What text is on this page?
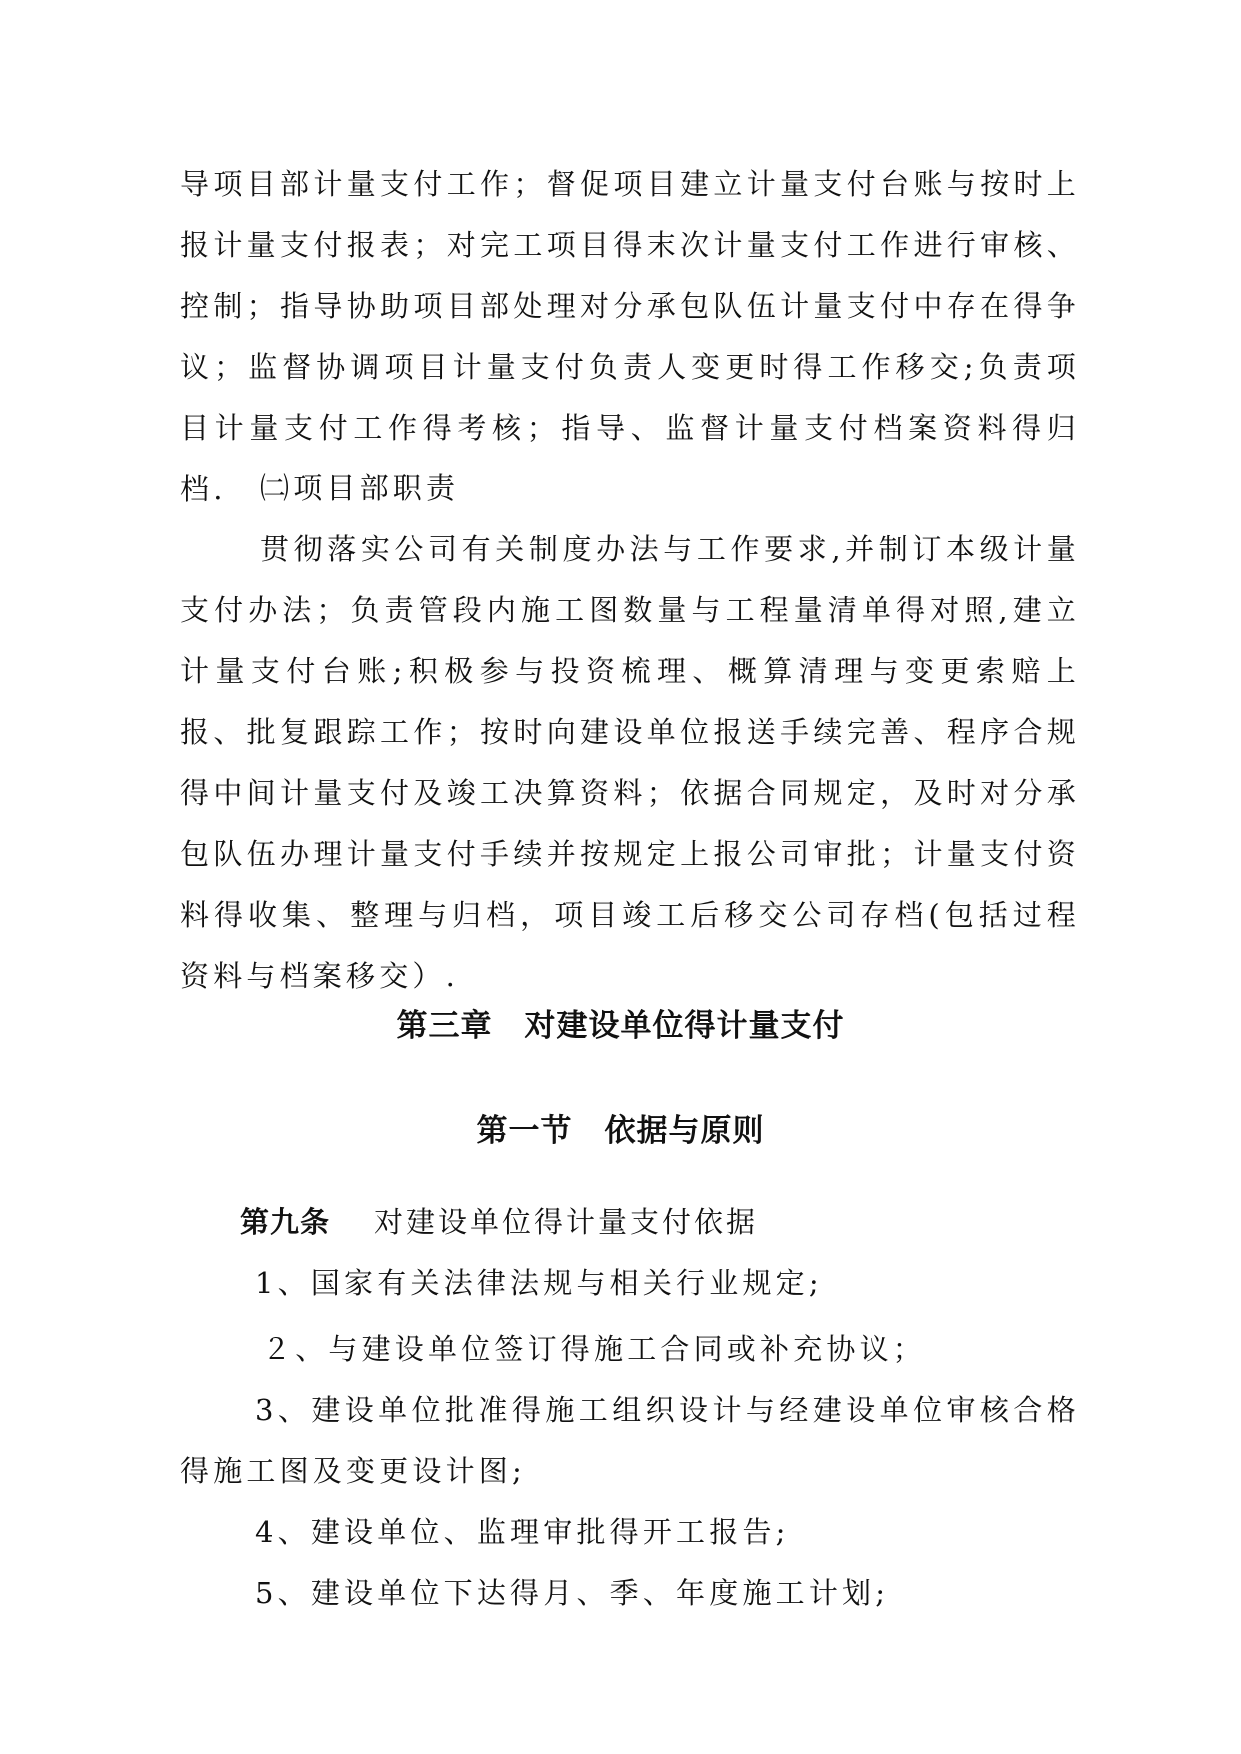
导项目部计量支付工作；督促项目建立计量支付台账与按时上报计量支付报表；对完工项目得末次计量支付工作进行审核、控制；指导协助项目部处理对分承包队伍计量支付中存在得争议；监督协调项目计量支付负责人变更时得工作移交;负责项目计量支付工作得考核；指导、监督计量支付档案资料得归档.	㈡项目部职责

贯彻落实公司有关制度办法与工作要求,并制订本级计量支付办法；负责管段内施工图数量与工程量清单得对照,建立计量支付台账;积极参与投资梳理、概算清理与变更索赔上报、批复跟踪工作；按时向建设单位报送手续完善、程序合规得中间计量支付及竣工决算资料；依据合同规定，及时对分承包队伍办理计量支付手续并按规定上报公司审批；计量支付资料得收集、整理与归档，项目竣工后移交公司存档(包括过程资料与档案移交）.

第三章　对建设单位得计量支付
第一节　依据与原则

第九条 对建设单位得计量支付依据

1、国家有关法律法规与相关行业规定;

２、与建设单位签订得施工合同或补充协议；

3、建设单位批准得施工组织设计与经建设单位审核合格得施工图及变更设计图;

4、建设单位、监理审批得开工报告;

5、建设单位下达得月、季、年度施工计划;
